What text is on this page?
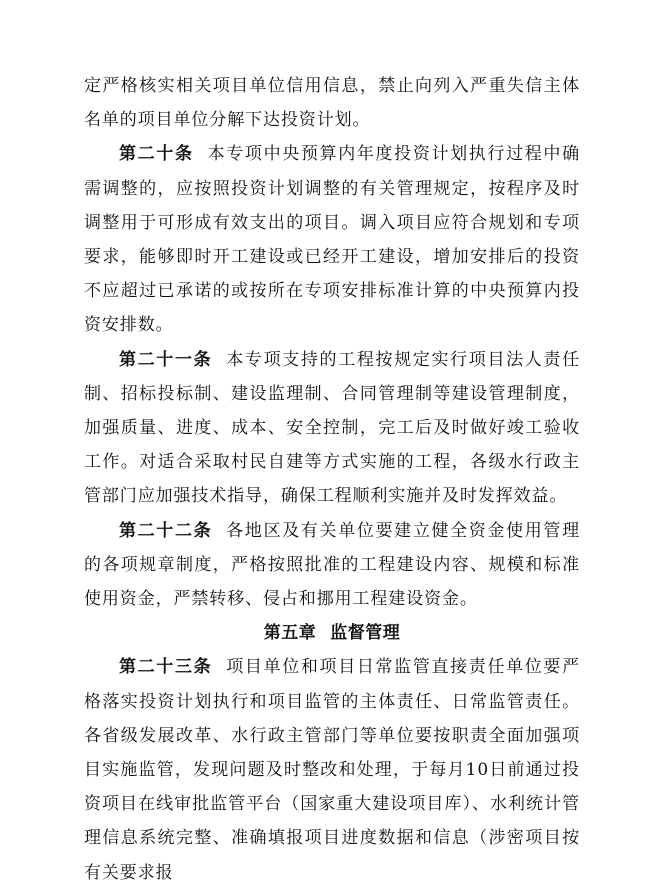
定严格核实相关项目单位信用信息，禁止向列入严重失信主体名单的项目单位分解下达投资计划。

第二十条 本专项中央预算内年度投资计划执行过程中确需调整的，应按照投资计划调整的有关管理规定，按程序及时调整用于可形成有效支出的项目。调入项目应符合规划和专项要求，能够即时开工建设或已经开工建设，增加安排后的投资不应超过已承诺的或按所在专项安排标准计算的中央预算内投资安排数。

第二十一条 本专项支持的工程按规定实行项目法人责任制、招标投标制、建设监理制、合同管理制等建设管理制度，加强质量、进度、成本、安全控制，完工后及时做好竣工验收工作。对适合采取村民自建等方式实施的工程，各级水行政主管部门应加强技术指导，确保工程顺利实施并及时发挥效益。

第二十二条 各地区及有关单位要建立健全资金使用管理的各项规章制度，严格按照批准的工程建设内容、规模和标准使用资金，严禁转移、侵占和挪用工程建设资金。

第五章 监督管理

第二十三条 项目单位和项目日常监管直接责任单位要严格落实投资计划执行和项目监管的主体责任、日常监管责任。各省级发展改革、水行政主管部门等单位要按职责全面加强项目实施监管，发现问题及时整改和处理，于每月10日前通过投资项目在线审批监管平台（国家重大建设项目库）、水利统计管理信息系统完整、准确填报项目进度数据和信息（涉密项目按有关要求报
